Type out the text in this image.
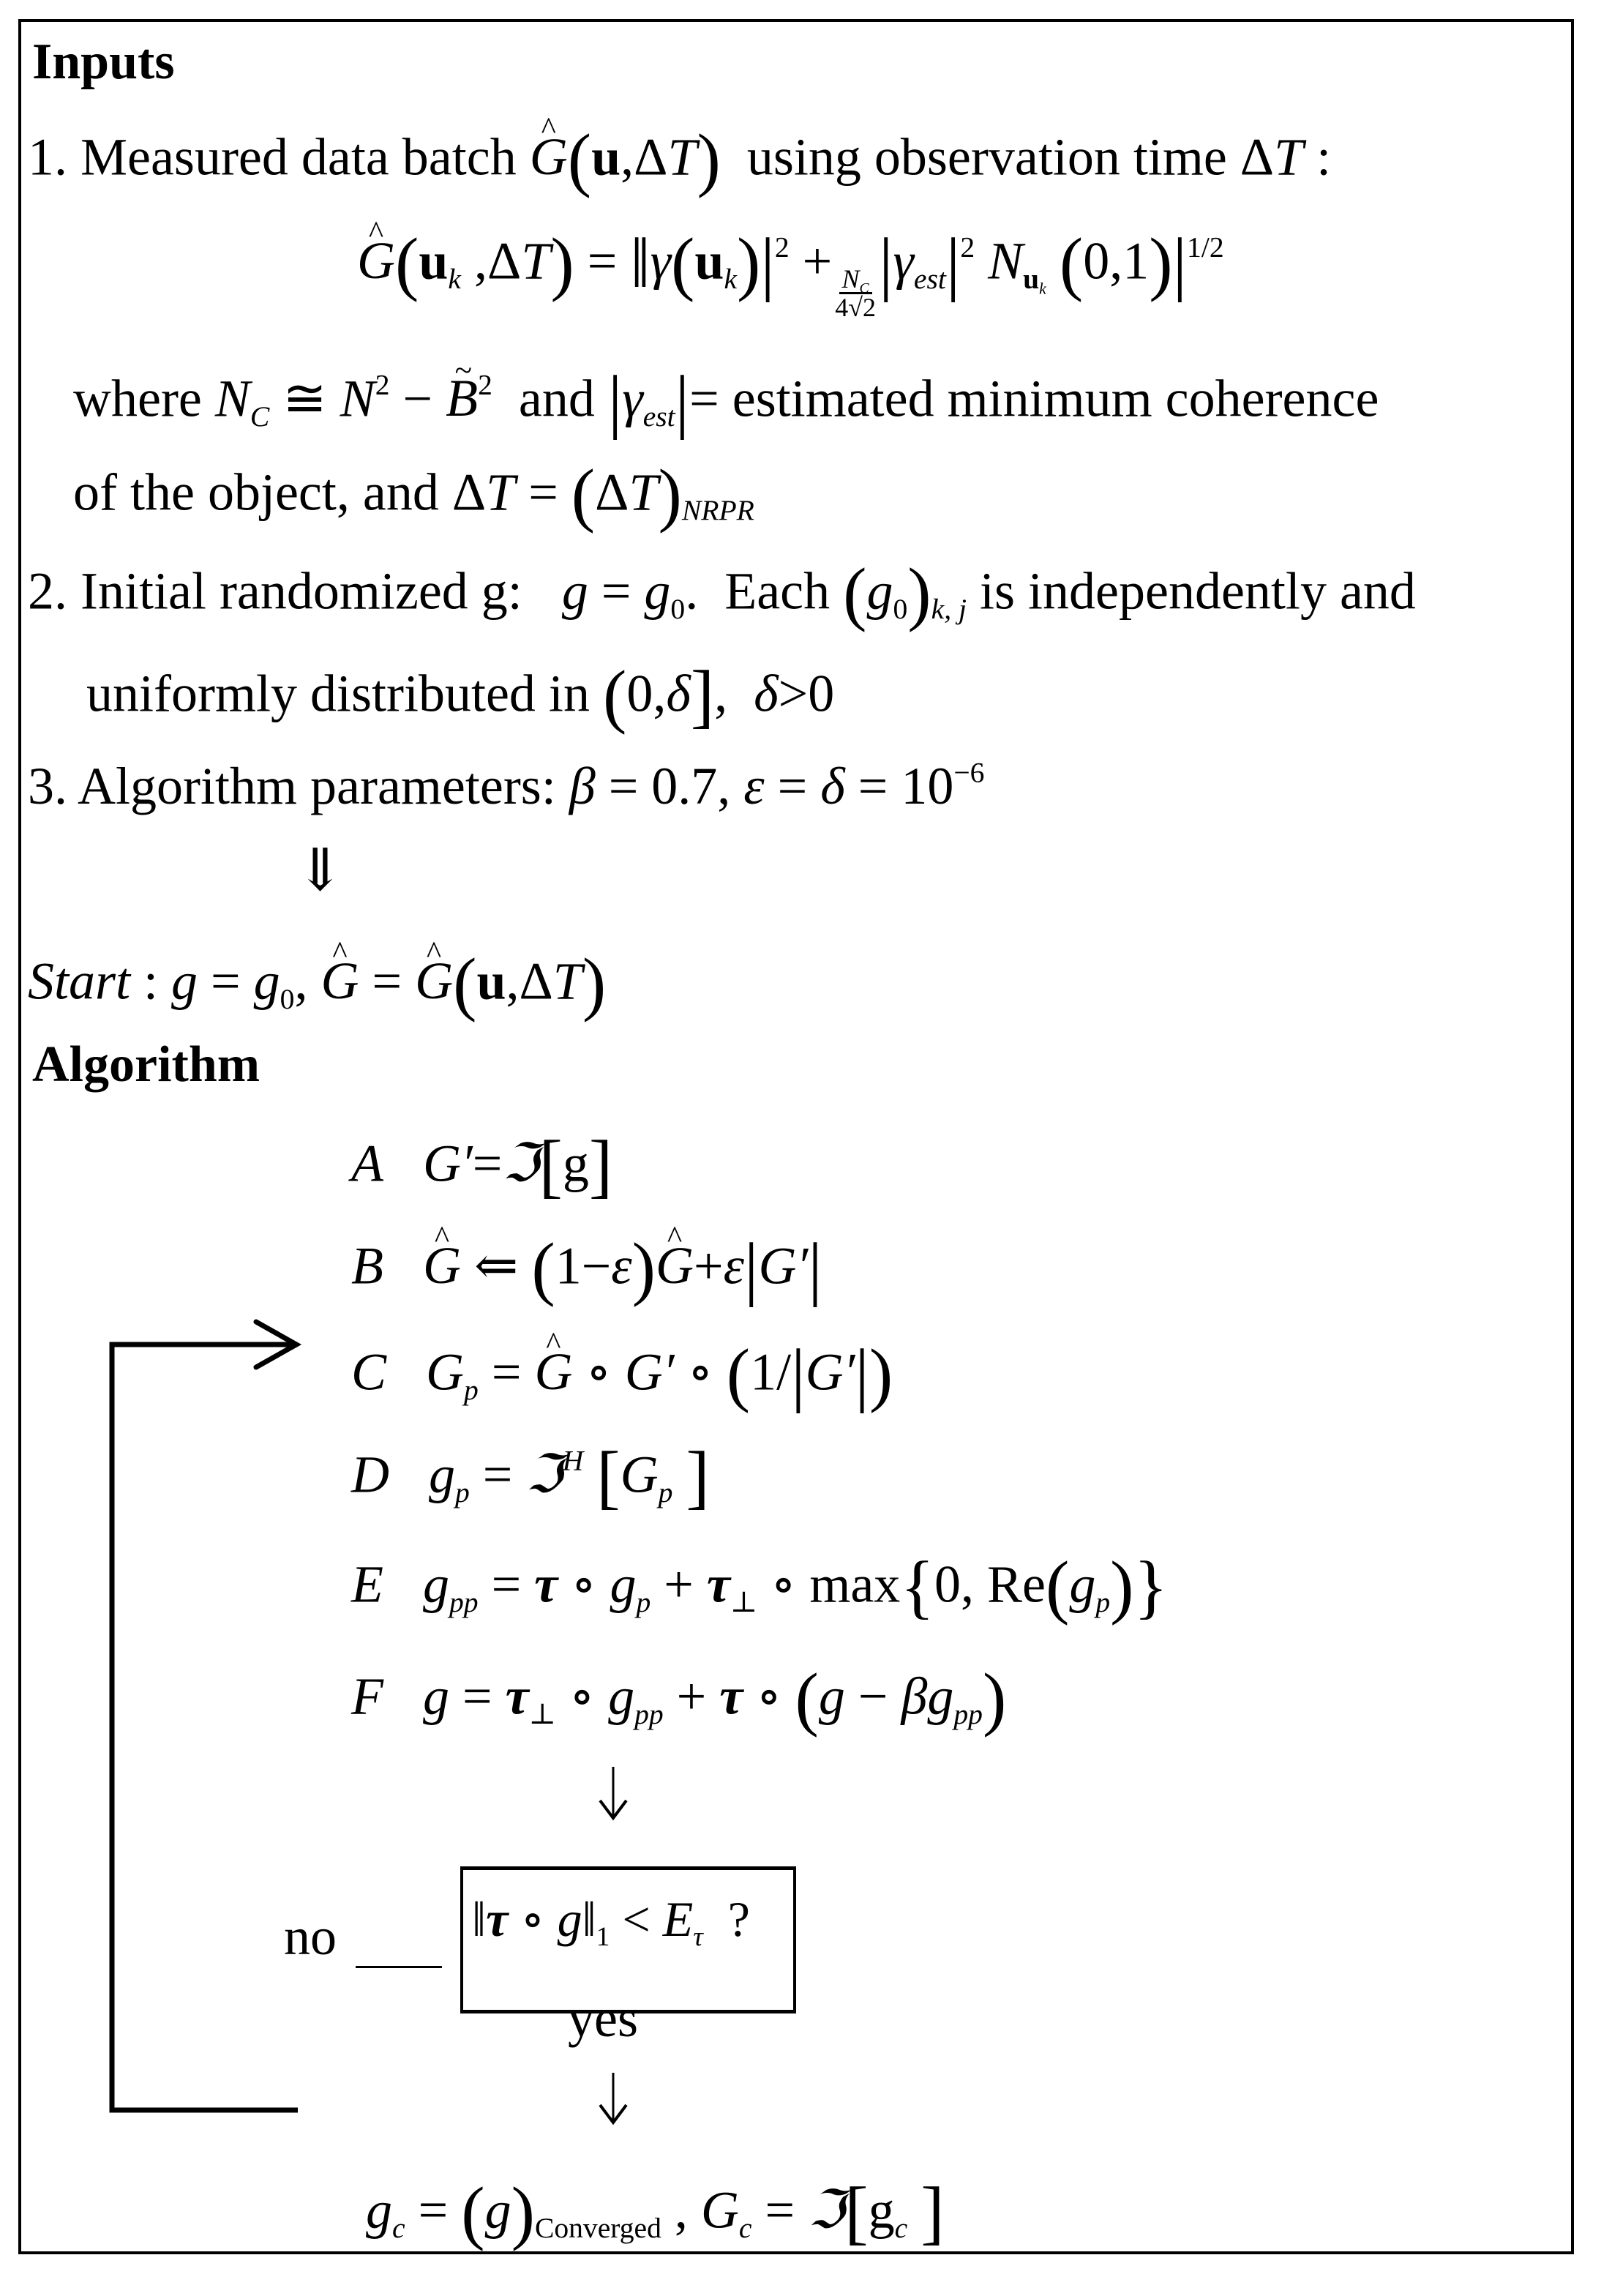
Inputs
1. Measured data batch ^ G(u,ΔT) using observation time ΔT :
^ $G(u_k$ $,\Delta T) = ‖\gamma(u_k)|^2$ +
$\frac{N_C}{4√2} |\gamma_{est}|^2$ $N_{u_k}$ $(0,1)|^{1/2}$
where $N_C$ ≅ $N^2$ − ~ $B^2$ and $|\gamma_{est}|=$ estimated minimum coherence
of the object, and $\Delta T = (\Delta T)_{NRPR}$
2. Initial randomized g: $g = g_0$.  Each $(g_0)_{k, j}$ is independently and
uniformly distributed in (0,δ],  δ>0
3. Algorithm parameters: β = 0.7, $\varepsilon = \delta = 10^{-6}$
⇓
Start : $g = g_0$, ^ G = ^ G(u,ΔT)
Algorithm
A G′=ℑ[g]
B ^ G ⇐ (1−ε)^ G+ε|G′|
C $G_p$ = ^ G ∘ G′ ∘ (1/|G′|)
D $g_p$ = ℑ$^H$ [$G_p$ ]
E $g_{pp} = \tau$ ∘ $g_p + \tau_\perp$ ∘ max{0, $Re(g_p)$}
F $g = \tau_\perp$ ∘ $g_{pp} + \tau$ ∘ $(g - \beta g_{pp})$
no	‖τ ∘ $g‖_1 < E_\tau$  ?
yes
$g_c = (g)_{Converged}$ , $G_c$ = $ℑ[g_c$ ]
